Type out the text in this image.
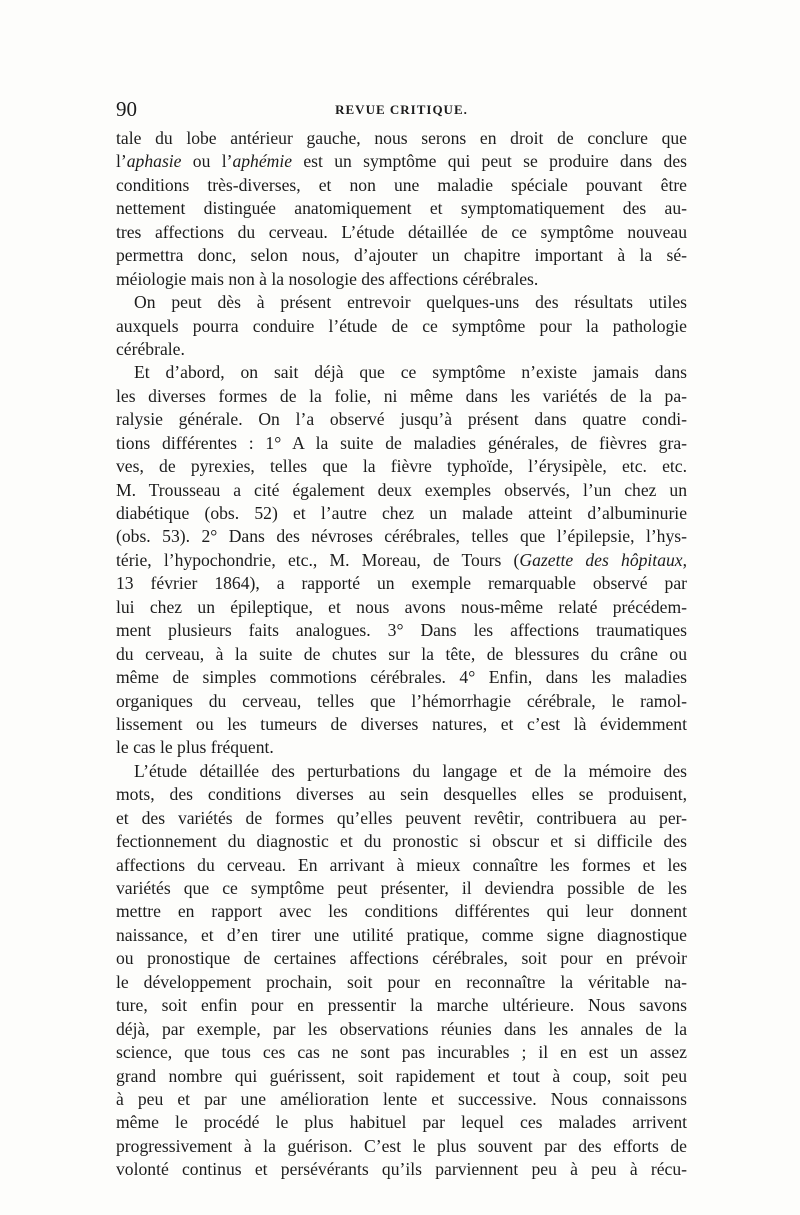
90	REVUE CRITIQUE.
tale du lobe antérieur gauche, nous serons en droit de conclure que
l’aphasie ou l’aphémie est un symptôme qui peut se produire dans des
conditions très-diverses, et non une maladie spéciale pouvant être
nettement distinguée anatomiquement et symptomatiquement des au-
tres affections du cerveau. L’étude détaillée de ce symptôme nouveau
permettra donc, selon nous, d’ajouter un chapitre important à la sé-
méiologie mais non à la nosologie des affections cérébrales.
On peut dès à présent entrevoir quelques-uns des résultats utiles
auxquels pourra conduire l’étude de ce symptôme pour la pathologie
cérébrale.
Et d’abord, on sait déjà que ce symptôme n’existe jamais dans
les diverses formes de la folie, ni même dans les variétés de la pa-
ralysie générale. On l’a observé jusqu’à présent dans quatre condi-
tions différentes : 1° A la suite de maladies générales, de fièvres gra-
ves, de pyrexies, telles que la fièvre typhoïde, l’érysipèle, etc. etc.
M. Trousseau a cité également deux exemples observés, l’un chez un
diabétique (obs. 52) et l’autre chez un malade atteint d’albuminurie
(obs. 53). 2° Dans des névroses cérébrales, telles que l’épilepsie, l’hys-
térie, l’hypochondrie, etc., M. Moreau, de Tours (Gazette des hôpitaux,
13 février 1864), a rapporté un exemple remarquable observé par
lui chez un épileptique, et nous avons nous-même relaté précédem-
ment plusieurs faits analogues. 3° Dans les affections traumatiques
du cerveau, à la suite de chutes sur la tête, de blessures du crâne ou
même de simples commotions cérébrales. 4° Enfin, dans les maladies
organiques du cerveau, telles que l’hémorrhagie cérébrale, le ramol-
lissement ou les tumeurs de diverses natures, et c’est là évidemment
le cas le plus fréquent.
L’étude détaillée des perturbations du langage et de la mémoire des
mots, des conditions diverses au sein desquelles elles se produisent,
et des variétés de formes qu’elles peuvent revêtir, contribuera au per-
fectionnement du diagnostic et du pronostic si obscur et si difficile des
affections du cerveau. En arrivant à mieux connaître les formes et les
variétés que ce symptôme peut présenter, il deviendra possible de les
mettre en rapport avec les conditions différentes qui leur donnent
naissance, et d’en tirer une utilité pratique, comme signe diagnostique
ou pronostique de certaines affections cérébrales, soit pour en prévoir
le développement prochain, soit pour en reconnaître la véritable na-
ture, soit enfin pour en pressentir la marche ultérieure. Nous savons
déjà, par exemple, par les observations réunies dans les annales de la
science, que tous ces cas ne sont pas incurables ; il en est un assez
grand nombre qui guérissent, soit rapidement et tout à coup, soit peu
à peu et par une amélioration lente et successive. Nous connaissons
même le procédé le plus habituel par lequel ces malades arrivent
progressivement à la guérison. C’est le plus souvent par des efforts de
volonté continus et persévérants qu’ils parviennent peu à peu à récu-
